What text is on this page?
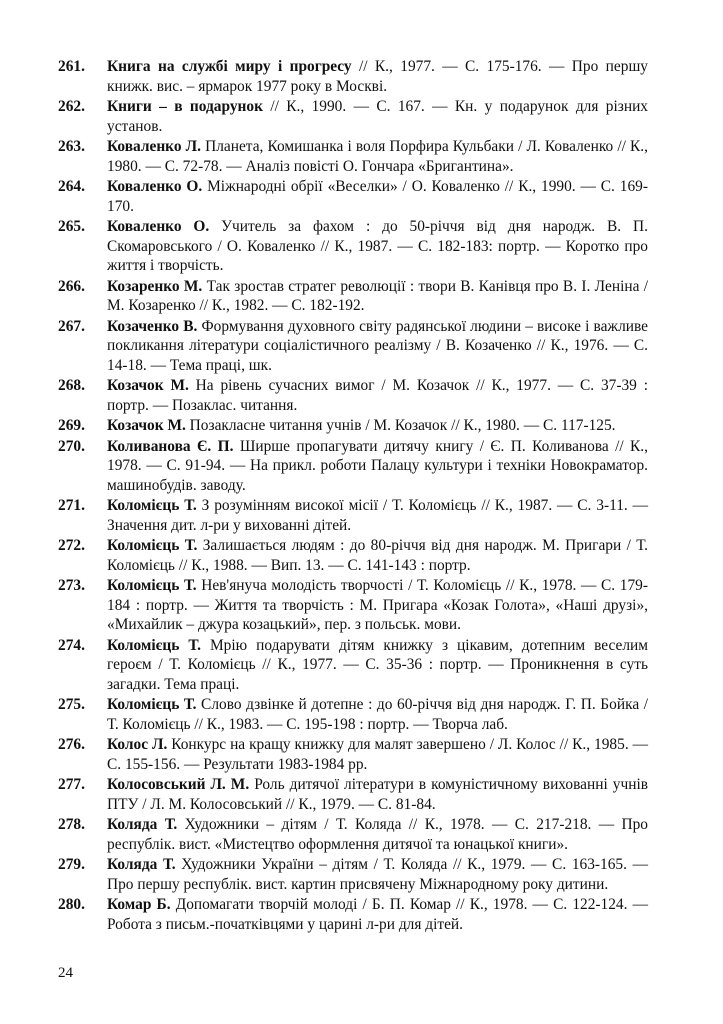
261. Книга на службі миру і прогресу // К., 1977. — С. 175-176. — Про першу книжк. вис. – ярмарок 1977 року в Москві.
262. Книги – в подарунок // К., 1990. — С. 167. — Кн. у подарунок для різних установ.
263. Коваленко Л. Планета, Комишанка і воля Порфира Кульбаки / Л. Коваленко // К., 1980. — С. 72-78. — Аналіз повісті О. Гончара «Бригантина».
264. Коваленко О. Міжнародні обрії «Веселки» / О. Коваленко // К., 1990. — С. 169-170.
265. Коваленко О. Учитель за фахом : до 50-річчя від дня народж. В. П. Скомаровського / О. Коваленко // К., 1987. — С. 182-183: портр. — Коротко про життя і творчість.
266. Козаренко М. Так зростав стратег революції : твори В. Канівця про В. І. Леніна / М. Козаренко // К., 1982. — С. 182-192.
267. Козаченко В. Формування духовного світу радянської людини – високе і важливе покликання літератури соціалістичного реалізму / В. Козаченко // К., 1976. — С. 14-18. — Тема праці, шк.
268. Козачок М. На рівень сучасних вимог / М. Козачок // К., 1977. — С. 37-39 : портр. — Позаклас. читання.
269. Козачок М. Позакласне читання учнів / М. Козачок // К., 1980. — С. 117-125.
270. Коливанова Є. П. Ширше пропагувати дитячу книгу / Є. П. Коливанова // К., 1978. — С. 91-94. — На прикл. роботи Палацу культури і техніки Новокраматор. машинобудів. заводу.
271. Коломієць Т. З розумінням високої місії / Т. Коломієць // К., 1987. — С. 3-11. — Значення дит. л-ри у вихованні дітей.
272. Коломієць Т. Залишається людям : до 80-річчя від дня народж. М. Пригари / Т. Коломієць // К., 1988. — Вип. 13. — С. 141-143 : портр.
273. Коломієць Т. Нев'януча молодість творчості / Т. Коломієць // К., 1978. — С. 179-184 : портр. — Життя та творчість : М. Пригара «Козак Голота», «Наші друзі», «Михайлик – джура козацький», пер. з польськ. мови.
274. Коломієць Т. Мрію подарувати дітям книжку з цікавим, дотепним веселим героєм / Т. Коломієць // К., 1977. — С. 35-36 : портр. — Проникнення в суть загадки. Тема праці.
275. Коломієць Т. Слово дзвінке й дотепне : до 60-річчя від дня народж. Г. П. Бойка / Т. Коломієць // К., 1983. — С. 195-198 : портр. — Творча лаб.
276. Колос Л. Конкурс на кращу книжку для малят завершено / Л. Колос // К., 1985. — С. 155-156. — Результати 1983-1984 рр.
277. Колосовський Л. М. Роль дитячої літератури в комуністичному вихованні учнів ПТУ / Л. М. Колосовський // К., 1979. — С. 81-84.
278. Коляда Т. Художники – дітям / Т. Коляда // К., 1978. — С. 217-218. — Про республік. вист. «Мистецтво оформлення дитячої та юнацької книги».
279. Коляда Т. Художники України – дітям / Т. Коляда // К., 1979. — С. 163-165. — Про першу республік. вист. картин присвячену Міжнародному року дитини.
280. Комар Б. Допомагати творчій молоді / Б. П. Комар // К., 1978. — С. 122-124. — Робота з письм.-початківцями у царині л-ри для дітей.
24
